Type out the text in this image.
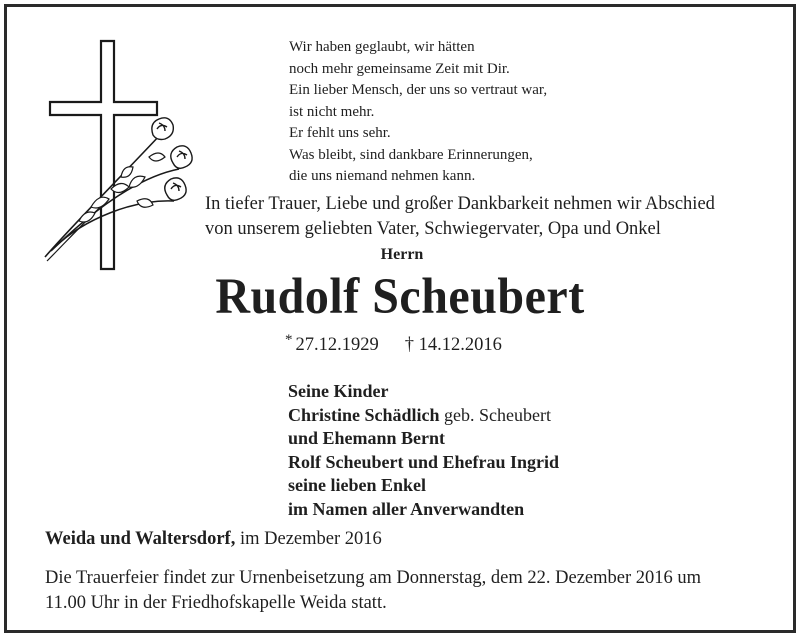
Wir haben geglaubt, wir hätten
noch mehr gemeinsame Zeit mit Dir.
Ein lieber Mensch, der uns so vertraut war,
ist nicht mehr.
Er fehlt uns sehr.
Was bleibt, sind dankbare Erinnerungen,
die uns niemand nehmen kann.
In tiefer Trauer, Liebe und großer Dankbarkeit nehmen wir Abschied
von unserem geliebten Vater, Schwiegervater, Opa und Onkel
Herrn
Rudolf Scheubert
* 27.12.1929 † 14.12.2016
Seine Kinder
Christine Schädlich geb. Scheubert
und Ehemann Bernt
Rolf Scheubert und Ehefrau Ingrid
seine lieben Enkel
im Namen aller Anverwandten
Weida und Waltersdorf, im Dezember 2016
Die Trauerfeier findet zur Urnenbeisetzung am Donnerstag, dem 22. Dezember 2016 um
11.00 Uhr in der Friedhofskapelle Weida statt.
